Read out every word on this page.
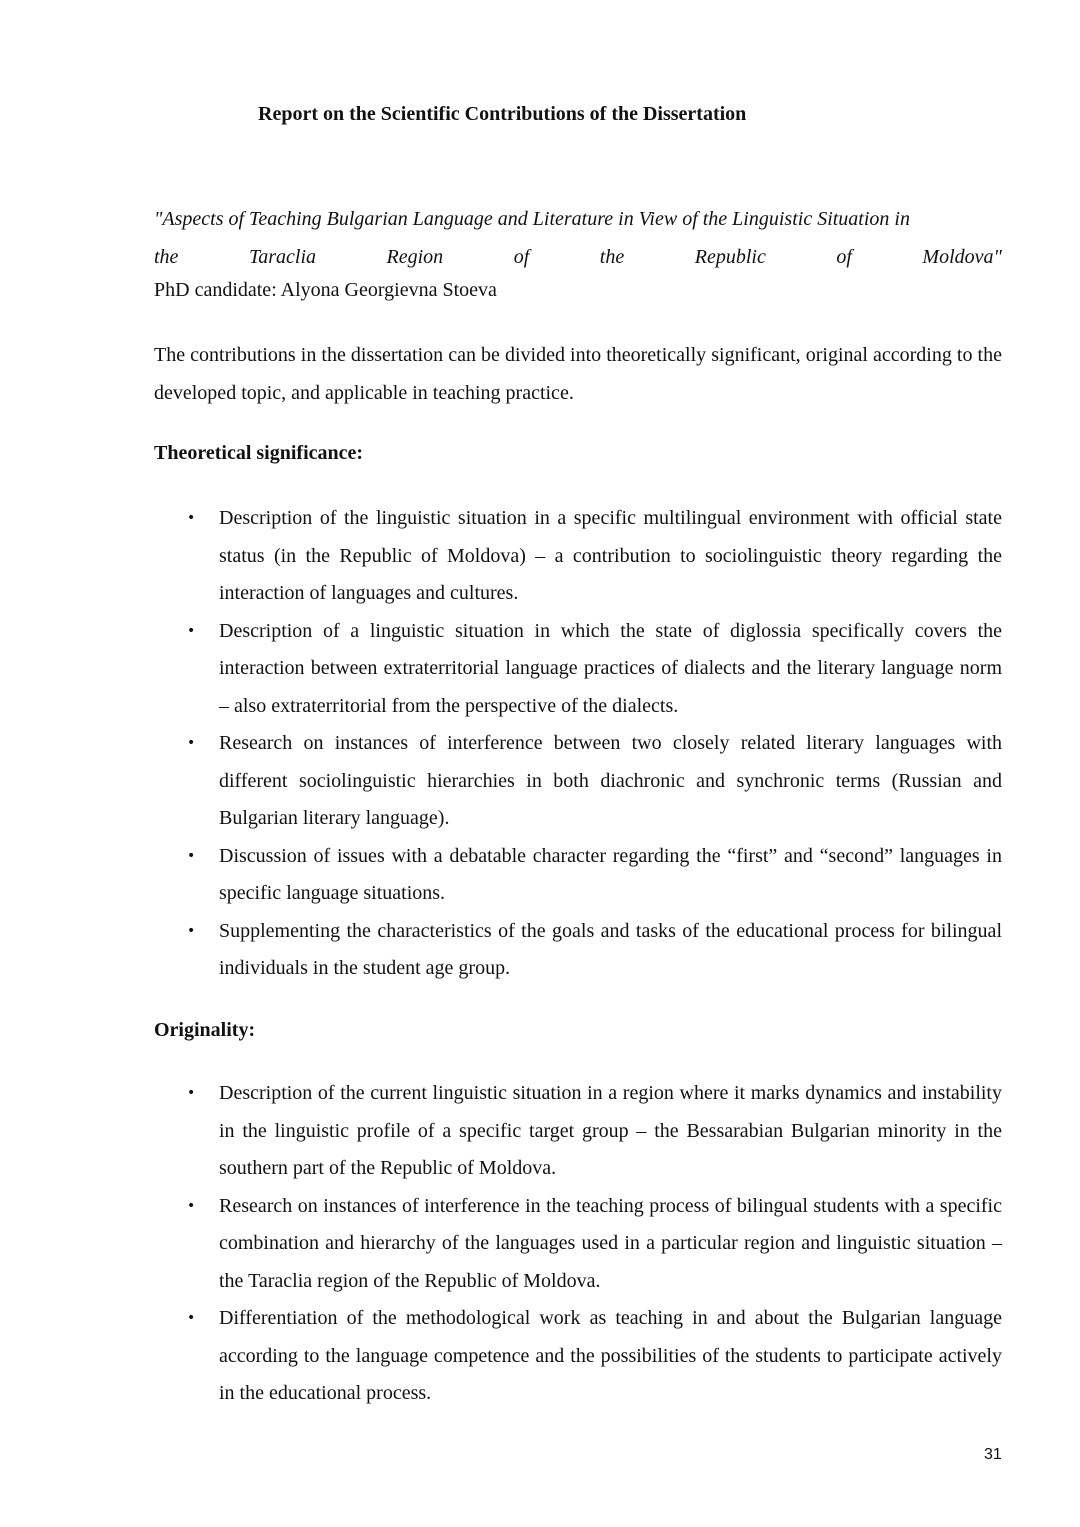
Report on the Scientific Contributions of the Dissertation
"Aspects of Teaching Bulgarian Language and Literature in View of the Linguistic Situation in
the	Taraclia	Region	of	the	Republic	of	Moldova"
PhD candidate: Alyona Georgievna Stoeva
The contributions in the dissertation can be divided into theoretically significant, original according to the developed topic, and applicable in teaching practice.
Theoretical significance:
• Description of the linguistic situation in a specific multilingual environment with official state status (in the Republic of Moldova) – a contribution to sociolinguistic theory regarding the interaction of languages and cultures.
• Description of a linguistic situation in which the state of diglossia specifically covers the interaction between extraterritorial language practices of dialects and the literary language norm – also extraterritorial from the perspective of the dialects.
• Research on instances of interference between two closely related literary languages with different sociolinguistic hierarchies in both diachronic and synchronic terms (Russian and Bulgarian literary language).
• Discussion of issues with a debatable character regarding the “first” and “second” languages in specific language situations.
• Supplementing the characteristics of the goals and tasks of the educational process for bilingual individuals in the student age group.
Originality:
• Description of the current linguistic situation in a region where it marks dynamics and instability in the linguistic profile of a specific target group – the Bessarabian Bulgarian minority in the southern part of the Republic of Moldova.
• Research on instances of interference in the teaching process of bilingual students with a specific combination and hierarchy of the languages used in a particular region and linguistic situation – the Taraclia region of the Republic of Moldova.
• Differentiation of the methodological work as teaching in and about the Bulgarian language according to the language competence and the possibilities of the students to participate actively in the educational process.
31
